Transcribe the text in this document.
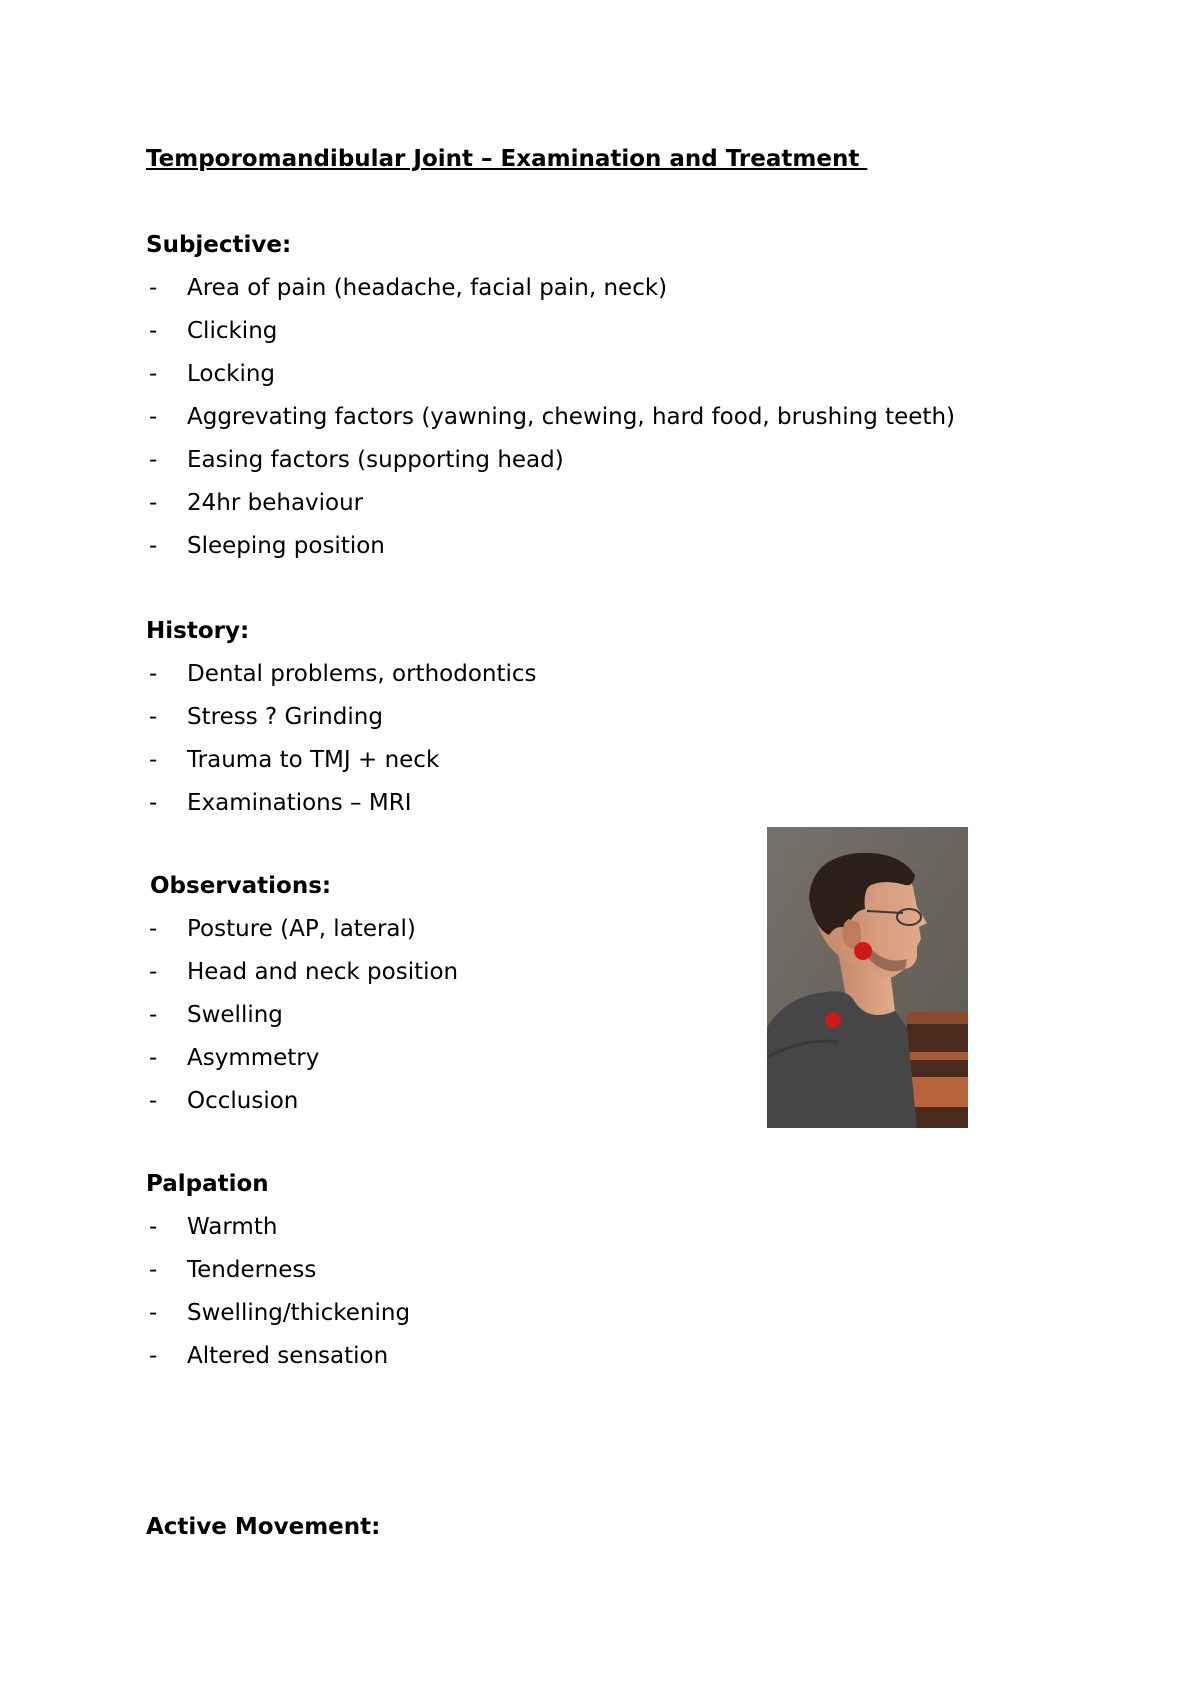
Temporomandibular Joint – Examination and Treatment
Subjective:
- Area of pain (headache, facial pain, neck)
- Clicking
- Locking
- Aggrevating factors (yawning, chewing, hard food, brushing teeth)
- Easing factors (supporting head)
- 24hr behaviour
- Sleeping position
History:
- Dental problems, orthodontics
- Stress ? Grinding
- Trauma to TMJ + neck
- Examinations – MRI
Observations:
- Posture (AP, lateral)
- Head and neck position
- Swelling
- Asymmetry
- Occlusion
Palpation
- Warmth
- Tenderness
- Swelling/thickening
- Altered sensation
Active Movement:
